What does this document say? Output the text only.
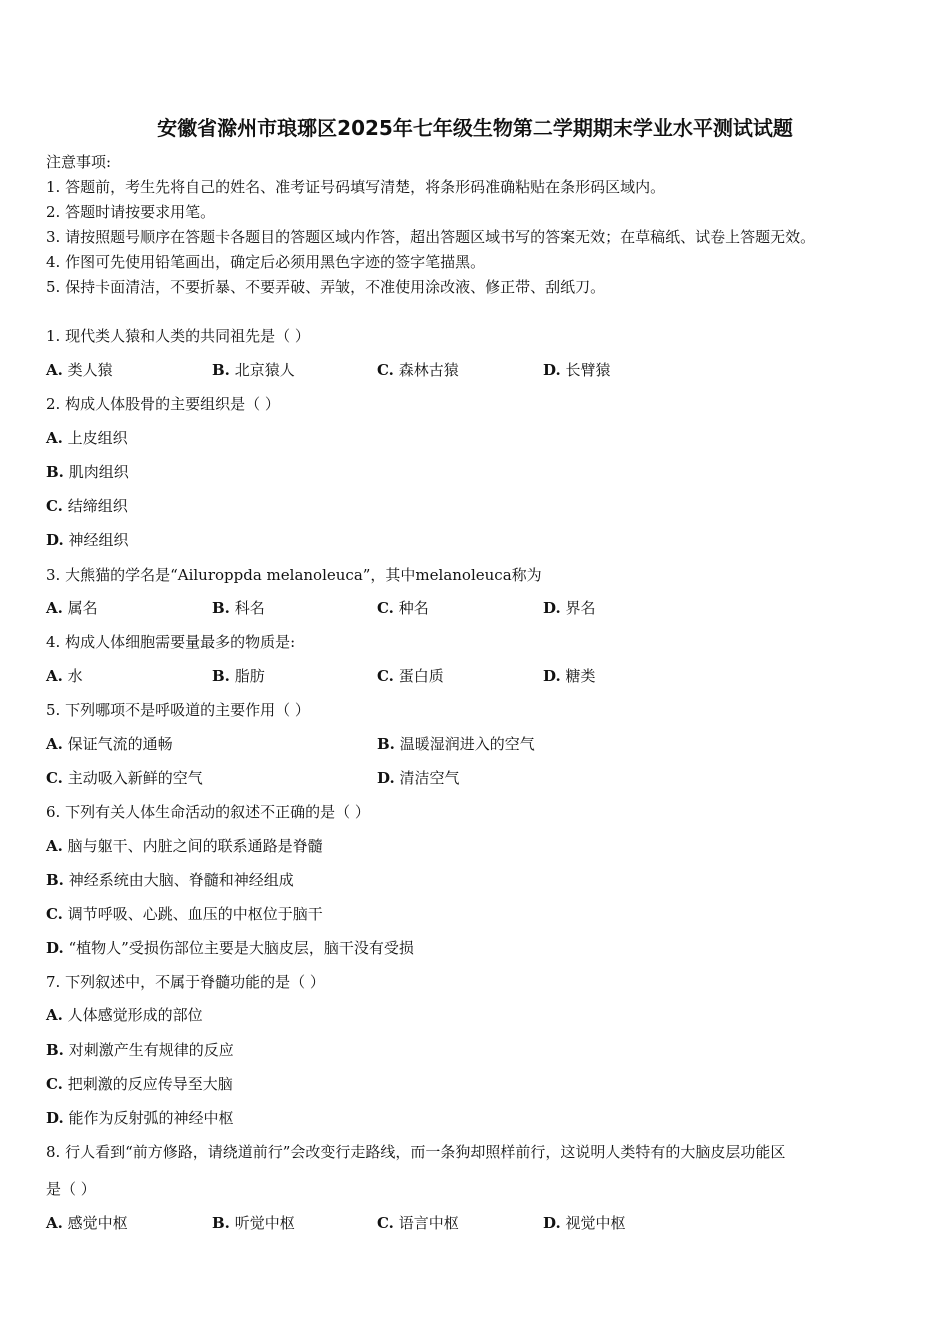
安徽省滁州市琅琊区2025年七年级生物第二学期期末学业水平测试试题
注意事项:
1. 答题前，考生先将自己的姓名、准考证号码填写清楚，将条形码准确粘贴在条形码区域内。
2. 答题时请按要求用笔。
3. 请按照题号顺序在答题卡各题目的答题区域内作答，超出答题区域书写的答案无效；在草稿纸、试卷上答题无效。
4. 作图可先使用铅笔画出，确定后必须用黑色字迹的签字笔描黑。
5. 保持卡面清洁，不要折暴、不要弄破、弄皱，不准使用涂改液、修正带、刮纸刀。
1. 现代类人猿和人类的共同祖先是（ ）
A. 类人猿	B. 北京猿人	C. 森林古猿	D. 长臂猿
2. 构成人体股骨的主要组织是（ ）
A. 上皮组织
B. 肌肉组织
C. 结缔组织
D. 神经组织
3. 大熊猫的学名是“Ailuroppda melanoleuca”，其中melanoleuca称为
A. 属名	B. 科名	C. 种名	D. 界名
4. 构成人体细胞需要量最多的物质是:
A. 水	B. 脂肪	C. 蛋白质	D. 糖类
5. 下列哪项不是呼吸道的主要作用（ ）
A. 保证气流的通畅	B. 温暖湿润进入的空气
C. 主动吸入新鲜的空气	D. 清洁空气
6. 下列有关人体生命活动的叙述不正确的是（ ）
A. 脑与躯干、内脏之间的联系通路是脊髓
B. 神经系统由大脑、脊髓和神经组成
C. 调节呼吸、心跳、血压的中枢位于脑干
D. “植物人”受损伤部位主要是大脑皮层，脑干没有受损
7. 下列叙述中，不属于脊髓功能的是（ ）
A. 人体感觉形成的部位
B. 对刺激产生有规律的反应
C. 把刺激的反应传导至大脑
D. 能作为反射弧的神经中枢
8. 行人看到“前方修路，请绕道前行”会改变行走路线，而一条狗却照样前行，这说明人类特有的大脑皮层功能区
是（ ）
A. 感觉中枢	B. 听觉中枢	C. 语言中枢	D. 视觉中枢
